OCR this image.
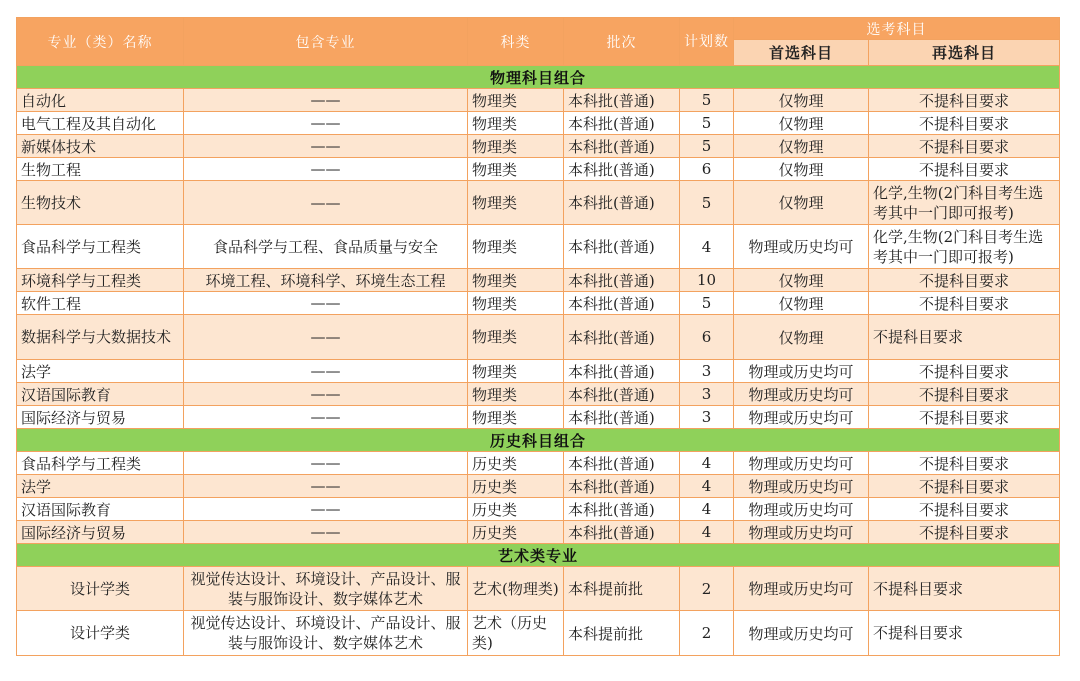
专业（类）名称	包含专业	科类	批次	计划数	选考科目	
					首选科目	再选科目
物理科目组合						
自动化	——	物理类	本科批(普通)	5	仅物理	不提科目要求
电气工程及其自动化	——	物理类	本科批(普通)	5	仅物理	不提科目要求
新媒体技术	——	物理类	本科批(普通)	5	仅物理	不提科目要求
生物工程	——	物理类	本科批(普通)	6	仅物理	不提科目要求
生物技术	——	物理类	本科批(普通)	5	仅物理	化学,生物(2门科目考生选考其中一门即可报考)
食品科学与工程类	食品科学与工程、食品质量与安全	物理类	本科批(普通)	4	物理或历史均可	化学,生物(2门科目考生选考其中一门即可报考)
环境科学与工程类	环境工程、环境科学、环境生态工程	物理类	本科批(普通)	10	仅物理	不提科目要求
软件工程	——	物理类	本科批(普通)	5	仅物理	不提科目要求
数据科学与大数据技术	——	物理类	本科批(普通)	6	仅物理	不提科目要求
法学	——	物理类	本科批(普通)	3	物理或历史均可	不提科目要求
汉语国际教育	——	物理类	本科批(普通)	3	物理或历史均可	不提科目要求
国际经济与贸易	——	物理类	本科批(普通)	3	物理或历史均可	不提科目要求
历史科目组合						
食品科学与工程类	——	历史类	本科批(普通)	4	物理或历史均可	不提科目要求
法学	——	历史类	本科批(普通)	4	物理或历史均可	不提科目要求
汉语国际教育	——	历史类	本科批(普通)	4	物理或历史均可	不提科目要求
国际经济与贸易	——	历史类	本科批(普通)	4	物理或历史均可	不提科目要求
艺术类专业						
设计学类	视觉传达设计、环境设计、产品设计、服装与服饰设计、数字媒体艺术	艺术(物理类)	本科提前批	2	物理或历史均可	不提科目要求
设计学类	视觉传达设计、环境设计、产品设计、服装与服饰设计、数字媒体艺术	艺术（历史类)	本科提前批	2	物理或历史均可	不提科目要求
